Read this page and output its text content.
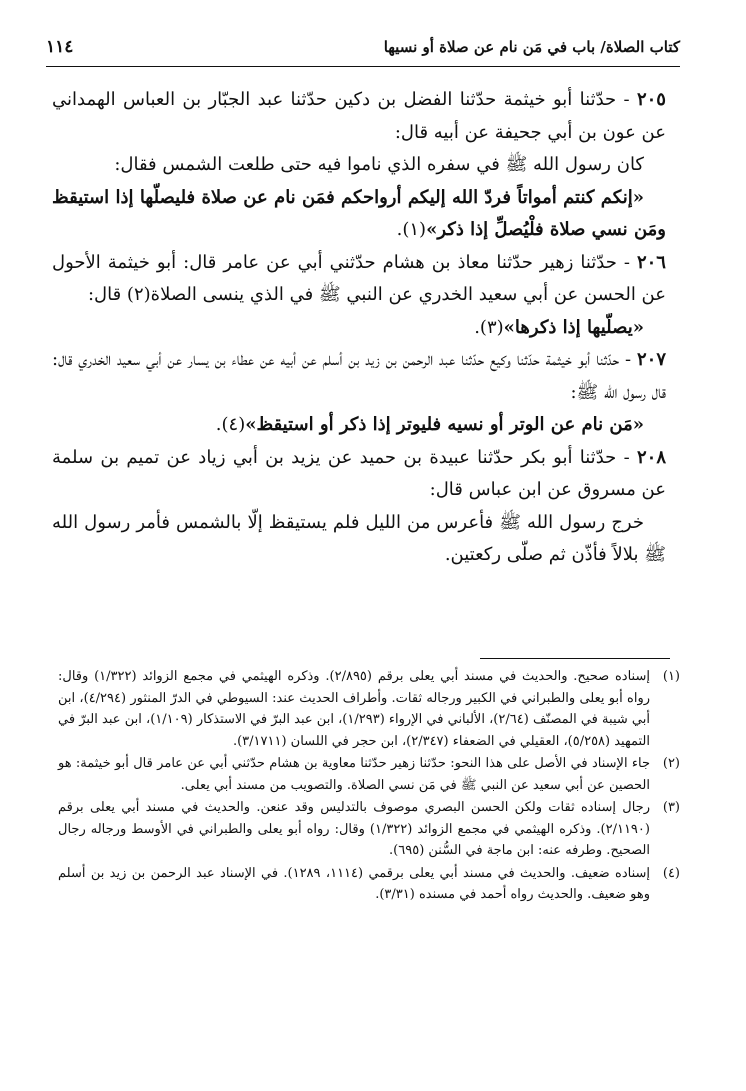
كتاب الصلاة/ باب في مَن نام عن صلاة أو نسيها
١١٤

٢٠٥ - حدّثنا أبو خيثمة حدّثنا الفضل بن دكين حدّثنا عبد الجبّار بن العباس الهمداني عن عون بن أبي جحيفة عن أبيه قال:

كان رسول الله ﷺ في سفره الذي ناموا فيه حتى طلعت الشمس فقال:

«إنكم كنتم أمواتاً فردّ الله إليكم أرواحكم فمَن نام عن صلاة فليصلّها إذا استيقظ ومَن نسي صلاة فلْيُصلِّ إذا ذكر»(١).

٢٠٦ - حدّثنا زهير حدّثنا معاذ بن هشام حدّثني أبي عن عامر قال: أبو خيثمة الأحول عن الحسن عن أبي سعيد الخدري عن النبي ﷺ في الذي ينسى الصلاة(٢) قال:

«يصلّيها إذا ذكرها»(٣).

٢٠٧ - حدّثنا أبو خيثمة حدّثنا وكيع حدّثنا عبد الرحمن بن زيد بن أسلم عن أبيه عن عطاء بن يسار عن أبي سعيد الخدري قال: قال رسول الله ﷺ:

«مَن نام عن الوتر أو نسيه فليوتر إذا ذكر أو استيقظ»(٤).

٢٠٨ - حدّثنا أبو بكر حدّثنا عبيدة بن حميد عن يزيد بن أبي زياد عن تميم بن سلمة عن مسروق عن ابن عباس قال:

خرج رسول الله ﷺ فأعرس من الليل فلم يستيقظ إلّا بالشمس فأمر رسول الله ﷺ بلالاً فأذّن ثم صلّى ركعتين.

(١)
إسناده صحيح. والحديث في مسند أبي يعلى برقم (٢/٨٩٥). وذكره الهيثمي في مجمع الزوائد (١/٣٢٢) وقال: رواه أبو يعلى والطبراني في الكبير ورجاله ثقات. وأطراف الحديث عند: السيوطي في الدرّ المنثور (٤/٢٩٤)، ابن أبي شيبة في المصنّف (٢/٦٤)، الألباني في الإرواء (١/٢٩٣)، ابن عبد البرّ في الاستذكار (١/١٠٩)، ابن عبد البرّ في التمهيد (٥/٢٥٨)، العقيلي في الضعفاء (٢/٣٤٧)، ابن حجر في اللسان (٣/١٧١١).

(٢)
جاء الإسناد في الأصل على هذا النحو: حدّثنا زهير حدّثنا معاوية بن هشام حدّثني أبي عن عامر قال أبو خيثمة: هو الحصين عن أبي سعيد عن النبي ﷺ في مَن نسي الصلاة. والتصويب من مسند أبي يعلى.

(٣)
رجال إسناده ثقات ولكن الحسن البصري موصوف بالتدليس وقد عنعن. والحديث في مسند أبي يعلى برقم (٢/١١٩٠). وذكره الهيثمي في مجمع الزوائد (١/٣٢٢) وقال: رواه أبو يعلى والطبراني في الأوسط ورجاله رجال الصحيح. وطرفه عنه: ابن ماجة في السُّنن (٦٩٥).

(٤)
إسناده ضعيف. والحديث في مسند أبي يعلى برقمي (١١١٤، ١٢٨٩). في الإسناد عبد الرحمن بن زيد بن أسلم وهو ضعيف. والحديث رواه أحمد في مسنده (٣/٣١).
